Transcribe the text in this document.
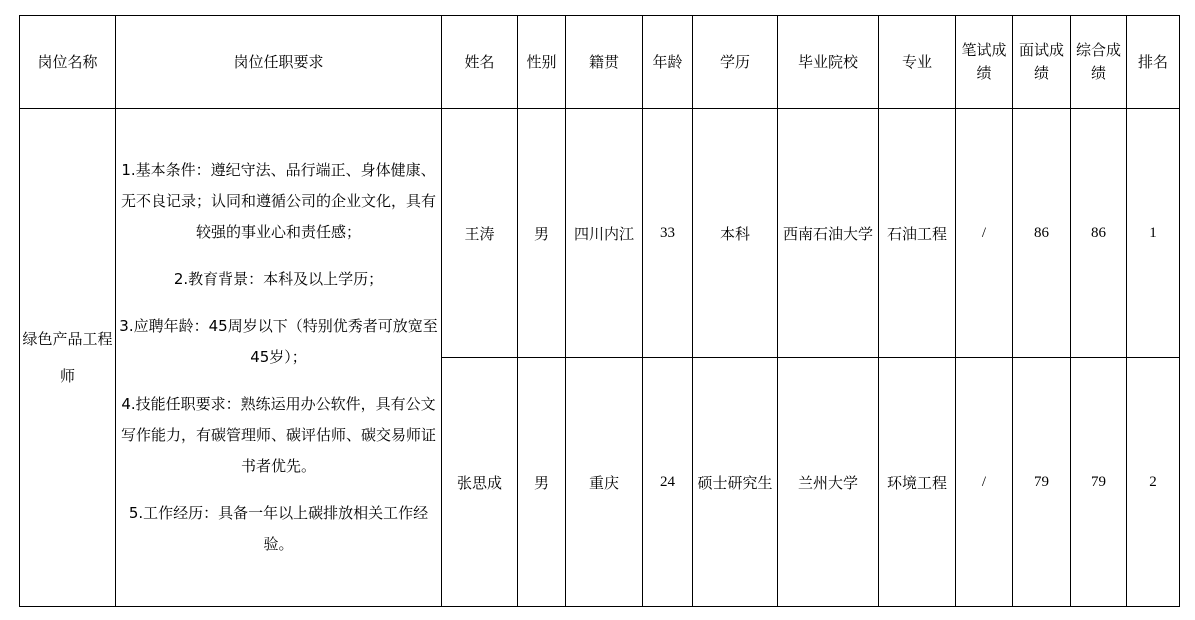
岗位名称	岗位任职要求	姓名	性别	籍贯	年龄	学历	毕业院校	专业	笔试成绩	面试成绩	综合成绩	排名
绿色产品工程师	1.基本条件：遵纪守法、品行端正、身体健康、无不良记录；认同和遵循公司的企业文化，具有较强的事业心和责任感；
2.教育背景：本科及以上学历；
3.应聘年龄：45周岁以下（特别优秀者可放宽至45岁）；
4.技能任职要求：熟练运用办公软件，具有公文写作能力，有碳管理师、碳评估师、碳交易师证书者优先。
5.工作经历：具备一年以上碳排放相关工作经验。	王涛	男	四川内江	33	本科	西南石油大学	石油工程	/	86	86	1
		张思成	男	重庆	24	硕士研究生	兰州大学	环境工程	/	79	79	2
